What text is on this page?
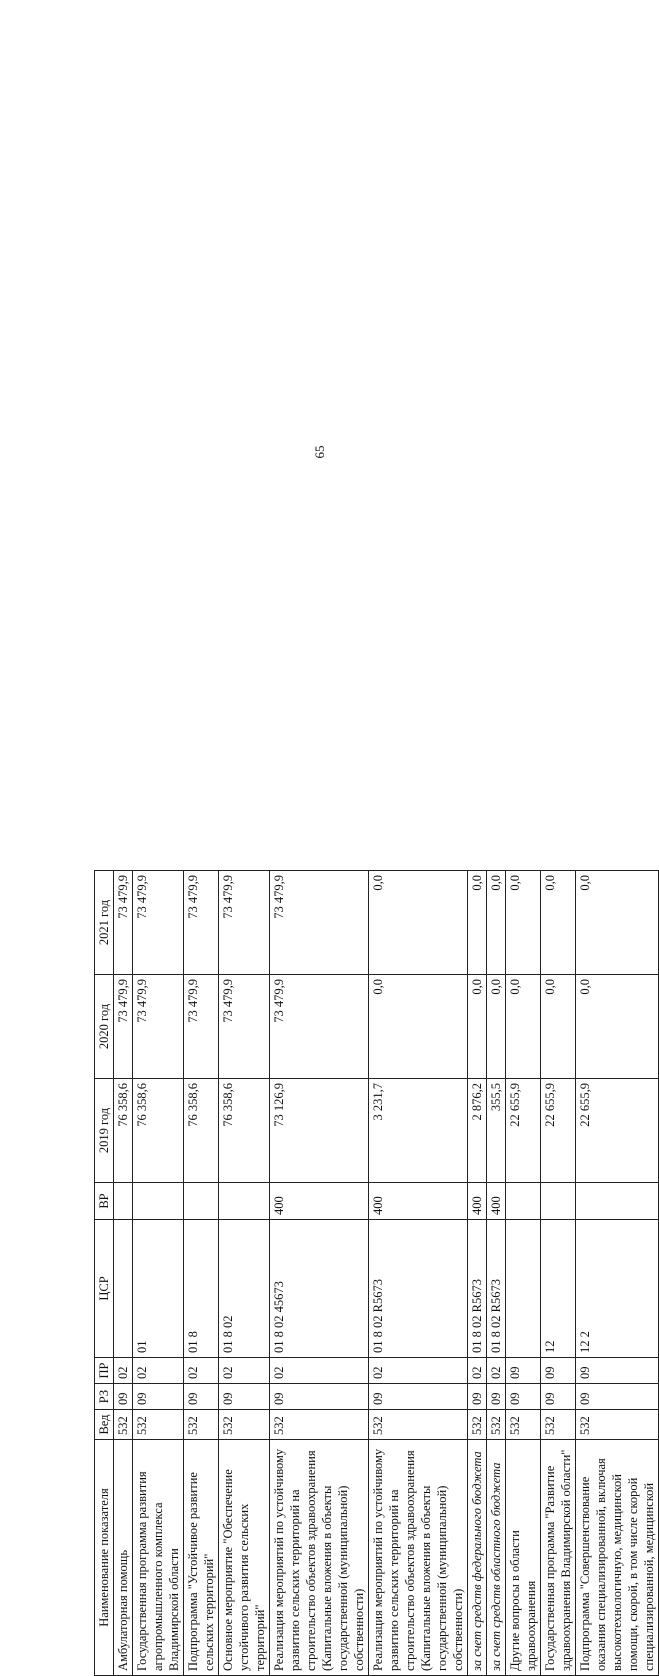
65
Наименование показателя	Вед	РЗ	ПР	ЦСР	ВР	2019 год	2020 год	2021 год
Амбулаторная помощь	532	09	02			76 358,6	73 479,9	73 479,9
Государственная программа развития агропромышленного комплекса Владимирской области	532	09	02	01		76 358,6	73 479,9	73 479,9
Подпрограмма "Устойчивое развитие сельских территорий"	532	09	02	01 8		76 358,6	73 479,9	73 479,9
Основное мероприятие "Обеспечение устойчивого развития сельских территорий"	532	09	02	01 8 02		76 358,6	73 479,9	73 479,9
Реализация мероприятий по устойчивому развитию сельских территорий на строительство объектов здравоохранения (Капитальные вложения в объекты государственной (муниципальной) собственности)	532	09	02	01 8 02 45673	400	73 126,9	73 479,9	73 479,9
Реализация мероприятий по устойчивому развитию сельских территорий на строительство объектов здравоохранения (Капитальные вложения в объекты государственной (муниципальной) собственности)	532	09	02	01 8 02 R5673	400	3 231,7	0,0	0,0
за счет средств федерального бюджета	532	09	02	01 8 02 R5673	400	2 876,2	0,0	0,0
за счет средств областного бюджета	532	09	02	01 8 02 R5673	400	355,5	0,0	0,0
Другие вопросы в области здравоохранения	532	09	09			22 655,9	0,0	0,0
Государственная программа "Развитие здравоохранения Владимирской области"	532	09	09	12		22 655,9	0,0	0,0
Подпрограмма "Совершенствование оказания специализированной, включая высокотехнологичную, медицинской помощи, скорой, в том числе скорой специализированной, медицинской	532	09	09	12 2		22 655,9	0,0	0,0
